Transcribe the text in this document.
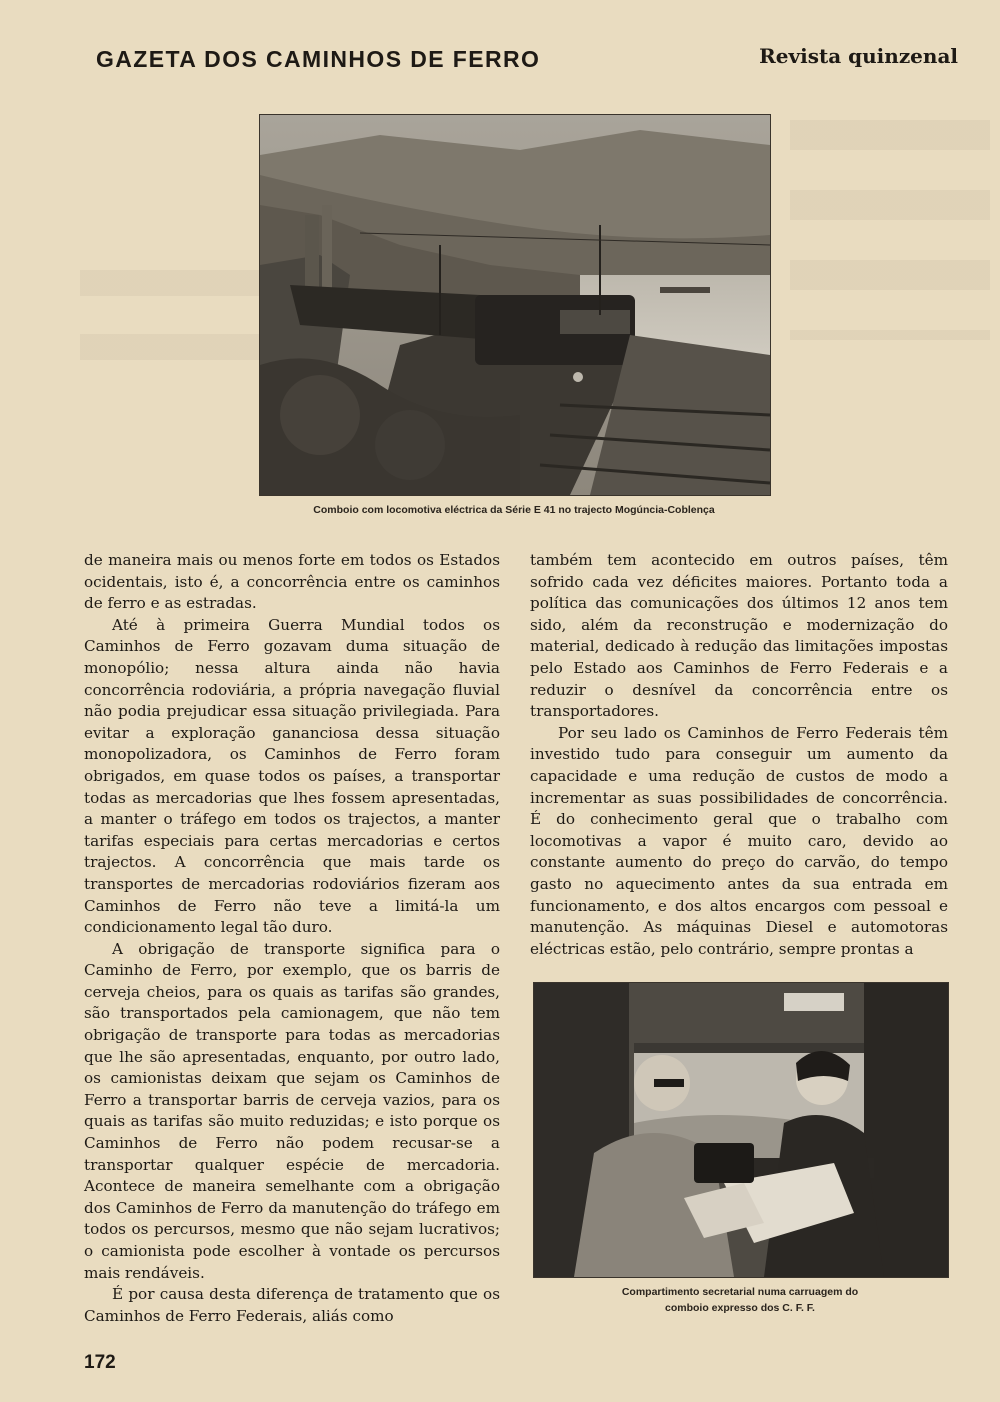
GAZETA DOS CAMINHOS DE FERRO	Revista quinzenal
Comboio com locomotiva eléctrica da Série E 41 no trajecto Mogúncia-Coblença

de maneira mais ou menos forte em todos os Estados ocidentais, isto é, a concorrência entre os caminhos de ferro e as estradas.

Até à primeira Guerra Mundial todos os Caminhos de Ferro gozavam duma situação de monopólio; nessa altura ainda não havia concorrência rodoviária, a própria navegação fluvial não podia prejudicar essa situação privilegiada. Para evitar a exploração gananciosa dessa situação monopolizadora, os Caminhos de Ferro foram obrigados, em quase todos os países, a transportar todas as mercadorias que lhes fossem apresentadas, a manter o tráfego em todos os trajectos, a manter tarifas especiais para certas mercadorias e certos trajectos. A concorrência que mais tarde os transportes de mercadorias rodoviários fizeram aos Caminhos de Ferro não teve a limitá-la um condicionamento legal tão duro.

A obrigação de transporte significa para o Caminho de Ferro, por exemplo, que os barris de cerveja cheios, para os quais as tarifas são grandes, são transportados pela camionagem, que não tem obrigação de transporte para todas as mercadorias que lhe são apresentadas, enquanto, por outro lado, os camionistas deixam que sejam os Caminhos de Ferro a transportar barris de cerveja vazios, para os quais as tarifas são muito reduzidas; e isto porque os Caminhos de Ferro não podem recusar-se a transportar qualquer espécie de mercadoria. Acontece de maneira semelhante com a obrigação dos Caminhos de Ferro da manutenção do tráfego em todos os percursos, mesmo que não sejam lucrativos; o camionista pode escolher à vontade os percursos mais rendáveis.

É por causa desta diferença de tratamento que os Caminhos de Ferro Federais, aliás como

também tem acontecido em outros países, têm sofrido cada vez déficites maiores. Portanto toda a política das comunicações dos últimos 12 anos tem sido, além da reconstrução e modernização do material, dedicado à redução das limitações impostas pelo Estado aos Caminhos de Ferro Federais e a reduzir o desnível da concorrência entre os transportadores.

Por seu lado os Caminhos de Ferro Federais têm investido tudo para conseguir um aumento da capacidade e uma redução de custos de modo a incrementar as suas possibilidades de concorrência. É do conhecimento geral que o trabalho com locomotivas a vapor é muito caro, devido ao constante aumento do preço do carvão, do tempo gasto no aquecimento antes da sua entrada em funcionamento, e dos altos encargos com pessoal e manutenção. As máquinas Diesel e automotoras eléctricas estão, pelo contrário, sempre prontas a

Compartimento secretarial numa carruagem do
comboio expresso dos C. F. F.
172
